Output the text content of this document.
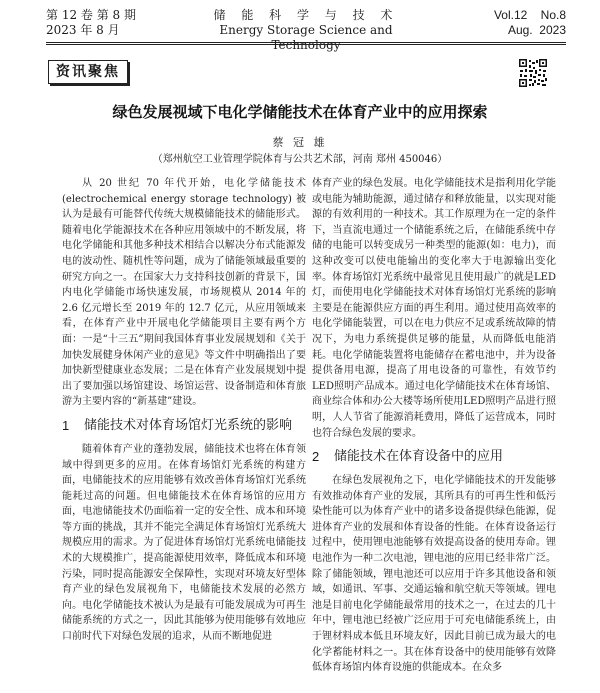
第 12 卷 第 8 期
2023 年 8 月
储 能 科 学 与 技 术
Energy Storage Science and Technology
Vol.12    No.8
Aug.  2023
资讯聚焦
绿色发展视域下电化学储能技术在体育产业中的应用探索
蔡 冠 雄
（郑州航空工业管理学院体育与公共艺术部，河南 郑州 450046）

从 20 世纪 70 年代开始，电化学储能技术 (electrochemical energy storage technology) 被认为是最有可能替代传统大规模储能技术的储能形式。随着电化学能源技术在各种应用领域中的不断发展，将电化学储能和其他多种技术相结合以解决分布式能源发电的波动性、随机性等问题，成为了储能领域最重要的研究方向之一。在国家大力支持科技创新的背景下，国内电化学储能市场快速发展，市场规模从 2014 年的 2.6 亿元增长至 2019 年的 12.7 亿元，从应用领域来看，在体育产业中开展电化学储能项目主要有两个方面：一是“十三五”期间我国体育事业发展规划和《关于加快发展健身休闲产业的意见》等文件中明确指出了要加快新型健康业态发展；二是在体育产业发展规划中提出了要加强以场馆建设、场馆运营、设备制造和体育旅游为主要内容的“新基建”建设。

1	储能技术对体育场馆灯光系统的影响

随着体育产业的蓬勃发展，储能技术也将在体育领域中得到更多的应用。在体育场馆灯光系统的构建方面，电储能技术的应用能够有效改善体育场馆灯光系统能耗过高的问题。但电储能技术在体育场馆的应用方面，电池储能技术仍面临着一定的安全性、成本和环境等方面的挑战，其并不能完全满足体育场馆灯光系统大规模应用的需求。为了促进体育场馆灯光系统电储能技术的大规模推广，提高能源使用效率，降低成本和环境污染，同时提高能源安全保障性，实现对环境友好型体育产业的绿色发展视角下，电储能技术发展的必然方向。电化学储能技术被认为是最有可能发展成为可再生储能系统的方式之一，因此其能够为使用能够有效地应口前时代下对绿色发展的追求，从而不断地促进

体育产业的绿色发展。电化学储能技术是指利用化学能或电能为辅助能源，通过储存和释放能量，以实现对能源的有效利用的一种技术。其工作原理为在一定的条件下，当直流电通过一个储能系统之后，在储能系统中存储的电能可以转变成另一种类型的能源(如：电力)，而这种改变可以使电能输出的变化率大于电源输出变化率。体育场馆灯光系统中最常见且使用最广的就是LED灯，而使用电化学储能技术对体育场馆灯光系统的影响主要是在能源供应方面的再生利用。通过使用高效率的电化学储能装置，可以在电力供应不足或系统故障的情况下，为电力系统提供足够的能量，从而降低电能消耗。电化学储能装置将电能储存在蓄电池中，并为设备提供备用电源，提高了用电设备的可靠性，有效节约LED照明产品成本。通过电化学储能技术在体育场馆、商业综合体和办公大楼等场所使用LED照明产品进行照明，人人节省了能源消耗费用，降低了运营成本，同时也符合绿色发展的要求。

2	储能技术在体育设备中的应用

在绿色发展视角之下，电化学储能技术的开发能够有效推动体育产业的发展，其所具有的可再生性和低污染性能可以为体育产业中的诸多设备提供绿色能源，促进体育产业的发展和体育设备的性能。在体育设备运行过程中，使用锂电池能够有效提高设备的使用寿命。锂电池作为一种二次电池，锂电池的应用已经非常广泛。除了储能领域，锂电池还可以应用于许多其他设备和领域，如通讯、军事、交通运输和航空航天等领域。锂电池是目前电化学储能最常用的技术之一，在过去的几十年中，锂电池已经被广泛应用于可充电储能系统上，由于锂材料成本低且环境友好，因此目前已成为最大的电化学蓄能材料之一。其在体育设备中的使用能够有效降低体育场馆内体育设施的供能成本。在众多
